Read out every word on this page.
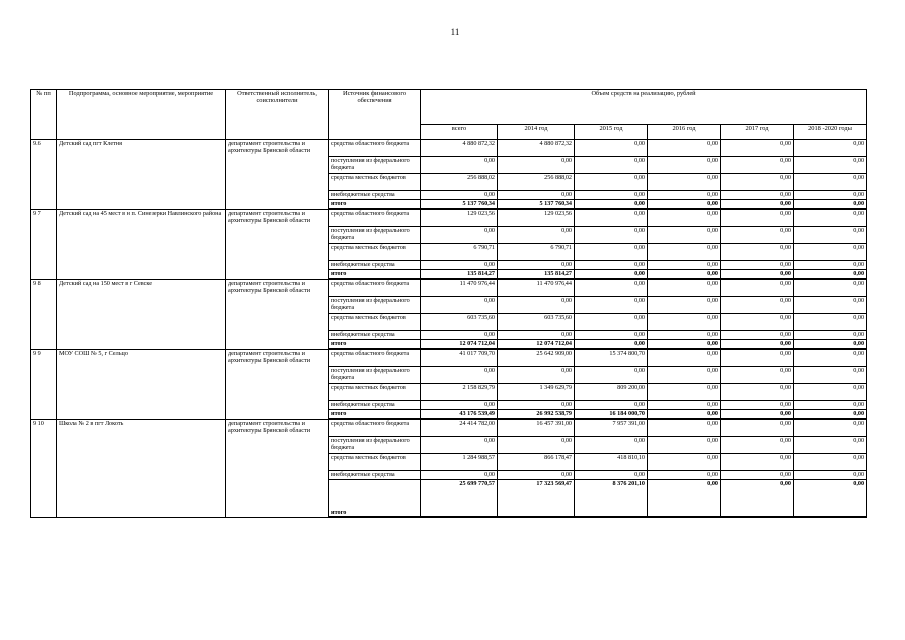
11
№ пп	Подпрограмма, основное мероприятие, мероприятие	Ответственный исполнитель, соисполнители	Источник финансового обеспечения	Объем средств на реализацию, рублей					
				всего	2014 год	2015 год	2016 год	2017 год	2018 -2020 годы
9.6	Детский сад пгт Клетня	департамент строительства и архитектуры Брянской области	средства областного бюджета	4 880 872,32	4 880 872,32	0,00	0,00	0,00	0,00
			поступления из федерального бюджета	0,00	0,00	0,00	0,00	0,00	0,00
			средства местных бюджетов	256 888,02	256 888,02	0,00	0,00	0,00	0,00
			внебюджетные средства	0,00	0,00	0,00	0,00	0,00	0,00
			итого	5 137 760,34	5 137 760,34	0,00	0,00	0,00	0,00
9 7	Детский сад на 45 мест в н п. Синезерки Навлинского района	департамент строительства и архитектуры Брянской области	средства областного бюджета	129 023,56	129 023,56	0,00	0,00	0,00	0,00
			поступления из федерального бюджета	0,00	0,00	0,00	0,00	0,00	0,00
			средства местных бюджетов	6 790,71	6 790,71	0,00	0,00	0,00	0,00
			внебюджетные средства	0,00	0,00	0,00	0,00	0,00	0,00
			итого	135 814,27	135 814,27	0,00	0,00	0,00	0,00
9 8	Детский сад на 150 мест в г Севске	департамент строительства и архитектуры Брянской области	средства областного бюджета	11 470 976,44	11 470 976,44	0,00	0,00	0,00	0,00
			поступления из федерального бюджета	0,00	0,00	0,00	0,00	0,00	0,00
			средства местных бюджетов	603 735,60	603 735,60	0,00	0,00	0,00	0,00
			внебюджетные средства	0,00	0,00	0,00	0,00	0,00	0,00
			итого	12 074 712,04	12 074 712,04	0,00	0,00	0,00	0,00
9 9	МОУ СОШ № 5, г Сельцо	департамент строительства и архитектуры Брянской области	средства областного бюджета	41 017 709,70	25 642 909,00	15 374 800,70	0,00	0,00	0,00
			поступления из федерального бюджета	0,00	0,00	0,00	0,00	0,00	0,00
			средства местных бюджетов	2 158 829,79	1 349 629,79	809 200,00	0,00	0,00	0,00
			внебюджетные средства	0,00	0,00	0,00	0,00	0,00	0,00
			итого	43 176 539,49	26 992 538,79	16 184 000,70	0,00	0,00	0,00
9 10	Школа № 2 в пгт Локоть	департамент строительства и архитектуры Брянской области	средства областного бюджета	24 414 782,00	16 457 391,00	7 957 391,00	0,00	0,00	0,00
			поступления из федерального бюджета	0,00	0,00	0,00	0,00	0,00	0,00
			средства местных бюджетов	1 284 988,57	866 178,47	418 810,10	0,00	0,00	0,00
			внебюджетные средства	0,00	0,00	0,00	0,00	0,00	0,00
			итого	25 699 770,57	17 323 569,47	8 376 201,10	0,00	0,00	0,00
